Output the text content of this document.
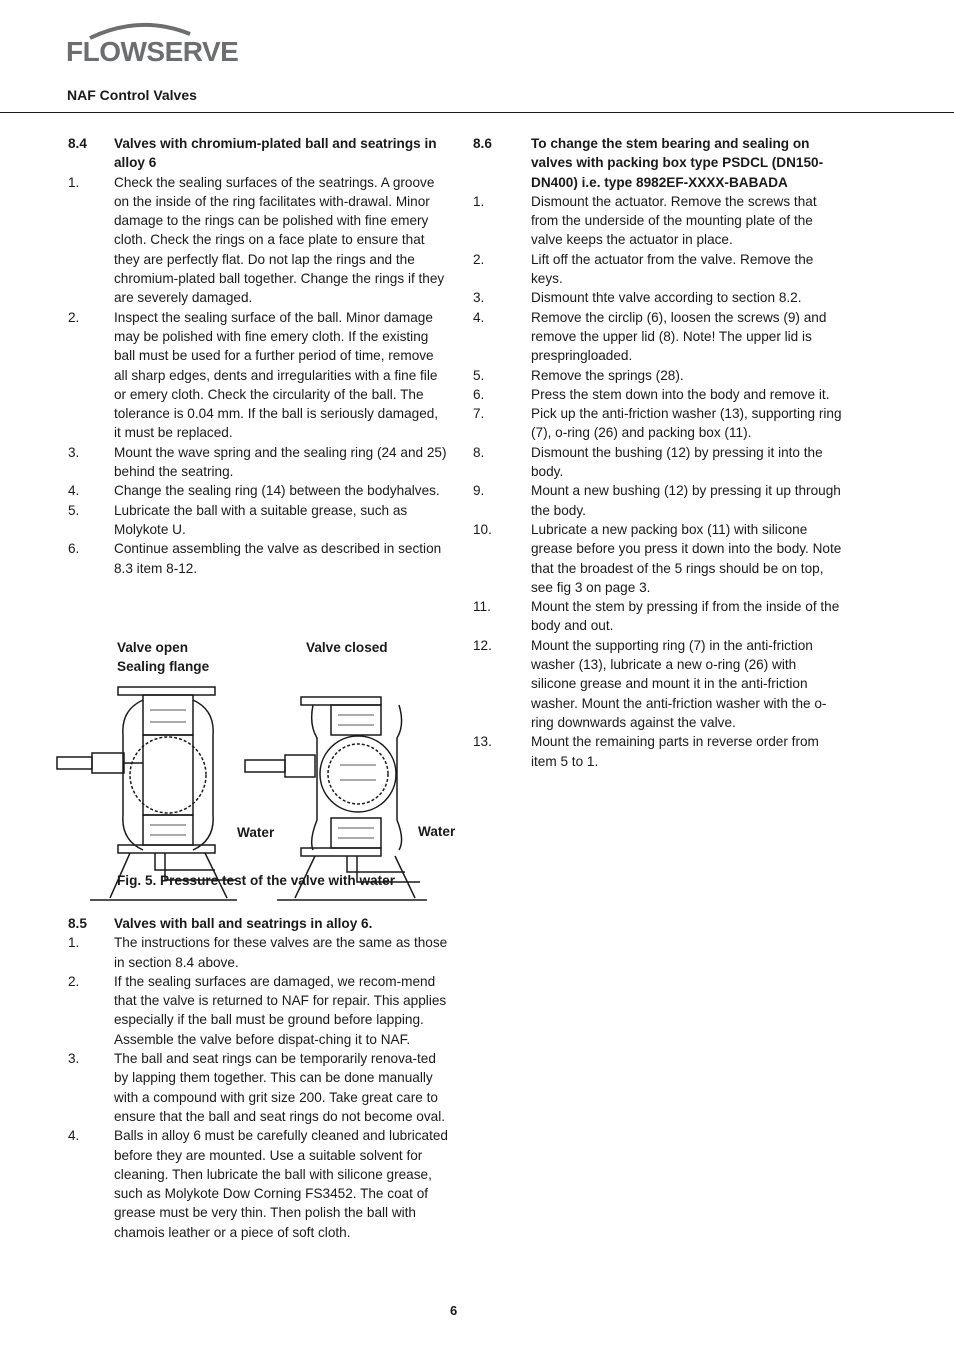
FLOWSERVE
NAF Control Valves
8.4	Valves with chromium-plated ball and seatrings in alloy 6
1.	Check the sealing surfaces of the seatrings. A groove on the inside of the ring facilitates with-drawal. Minor damage to the rings can be polished with fine emery cloth. Check the rings on a face plate to ensure that they are perfectly flat. Do not lap the rings and the chromium-plated ball together. Change the rings if they are severely damaged.
2.	Inspect the sealing surface of the ball. Minor damage may be polished with fine emery cloth. If the existing ball must be used for a further period of time, remove all sharp edges, dents and irregularities with a fine file or emery cloth. Check the circularity of the ball. The tolerance is 0.04 mm. If the ball is seriously damaged, it must be replaced.
3.	Mount the wave spring and the sealing ring (24 and 25) behind the seatring.
4.	Change the sealing ring (14) between the bodyhalves.
5.	Lubricate the ball with a suitable grease, such as Molykote U.
6.	Continue assembling the valve as described in section 8.3 item 8-12.
Valve open
Sealing flange
Valve closed
Water	Water
Fig. 5. Pressure test of the valve with water
8.5	Valves with ball and seatrings in alloy 6.
1.	The instructions for these valves are the same as those in section 8.4 above.
2.	If the sealing surfaces are damaged, we recom-mend that the valve is returned to NAF for repair. This applies especially if the ball must be ground before lapping. Assemble the valve before dispat-ching it to NAF.
3.	The ball and seat rings can be temporarily renova-ted by lapping them together. This can be done manually with a compound with grit size 200. Take great care to ensure that the ball and seat rings do not become oval.
4.	Balls in alloy 6 must be carefully cleaned and lubricated before they are mounted. Use a suitable solvent for cleaning. Then lubricate the ball with silicone grease, such as Molykote Dow Corning FS3452. The coat of grease must be very thin. Then polish the ball with chamois leather or a piece of soft cloth.
8.6	To change the stem bearing and sealing on valves with packing box type PSDCL (DN150-DN400) i.e. type 8982EF-XXXX-BABADA
1.	Dismount the actuator. Remove the screws that from the underside of the mounting plate of the valve keeps the actuator in place.
2.	Lift off the actuator from the valve. Remove the keys.
3.	Dismount thte valve according to section 8.2.
4.	Remove the circlip (6), loosen the screws (9) and remove the upper lid (8). Note! The upper lid is prespringloaded.
5.	Remove the springs (28).
6.	Press the stem down into the body and remove it.
7.	Pick up the anti-friction washer (13), supporting ring (7), o-ring (26) and packing box (11).
8.	Dismount the bushing (12) by pressing it into the body.
9.	Mount a new bushing (12) by pressing it up through the body.
10.	Lubricate a new packing box (11) with silicone grease before you press it down into the body. Note that the broadest of the 5 rings should be on top, see fig 3 on page 3.
11.	Mount the stem by pressing if from the inside of the body and out.
12.	Mount the supporting ring (7) in the anti-friction washer (13), lubricate a new o-ring (26) with silicone grease and mount it in the anti-friction washer. Mount the anti-friction washer with the o-ring downwards against the valve.
13.	Mount the remaining parts in reverse order from item 5 to 1.
6
